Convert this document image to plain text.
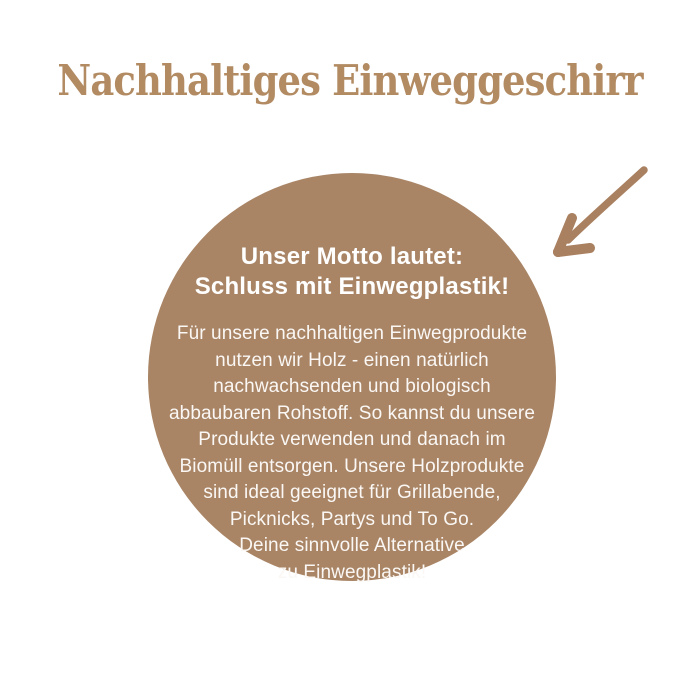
Nachhaltiges Einweggeschirr
Unser Motto lautet:
Schluss mit Einwegplastik!
Für unsere nachhaltigen Einwegprodukte
nutzen wir Holz - einen natürlich
nachwachsenden und biologisch
abbaubaren Rohstoff. So kannst du unsere
Produkte verwenden und danach im
Biomüll entsorgen. Unsere Holzprodukte
sind ideal geeignet für Grillabende,
Picknicks, Partys und To Go.
Deine sinnvolle Alternative
zu Einwegplastik!
